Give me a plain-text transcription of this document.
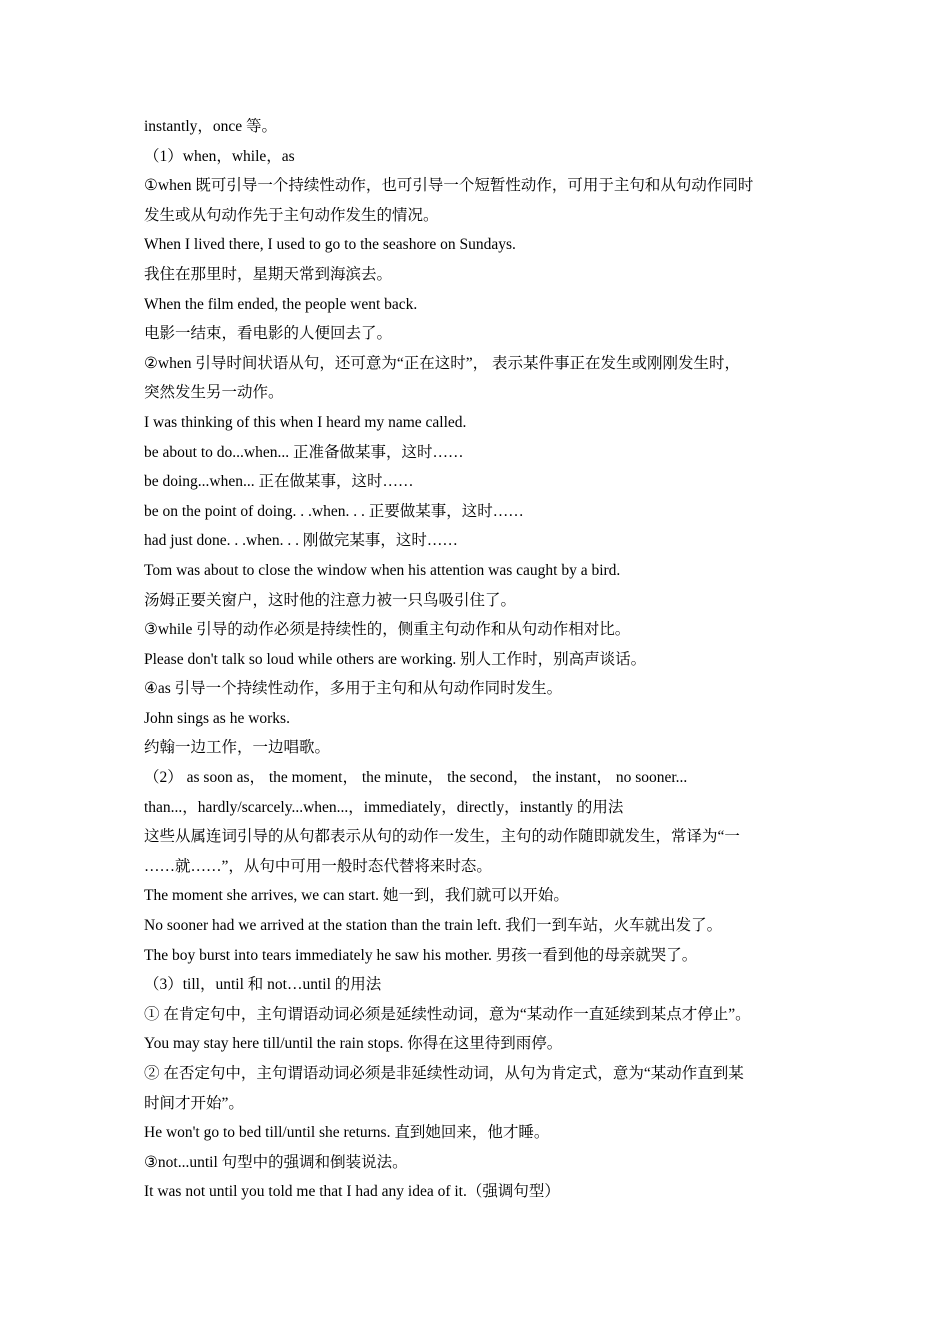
instantly，once 等。
（1）when，while，as
①when 既可引导一个持续性动作，也可引导一个短暂性动作，可用于主句和从句动作同时
发生或从句动作先于主句动作发生的情况。
When I lived there, I used to go to the seashore on Sundays.
我住在那里时，星期天常到海滨去。
When the film ended, the people went back.
电影一结束，看电影的人便回去了。
②when 引导时间状语从句，还可意为“正在这时”， 表示某件事正在发生或刚刚发生时，
突然发生另一动作。
I was thinking of this when I heard my name called.
be about to do...when... 正准备做某事，这时……
be doing...when... 正在做某事，这时……
be on the point of doing. . .when. . . 正要做某事，这时……
had just done. . .when. . . 刚做完某事，这时……
Tom was about to close the window when his attention was caught by a bird.
汤姆正要关窗户，这时他的注意力被一只鸟吸引住了。
③while 引导的动作必须是持续性的，侧重主句动作和从句动作相对比。
Please don't talk so loud while others are working. 别人工作时，别高声谈话。
④as 引导一个持续性动作，多用于主句和从句动作同时发生。
John sings as he works.
约翰一边工作，一边唱歌。
（2） as soon as， the moment， the minute， the second， the instant， no sooner...
than...，hardly/scarcely...when...，immediately，directly，instantly 的用法
这些从属连词引导的从句都表示从句的动作一发生，主句的动作随即就发生，常译为“一
……就……”，从句中可用一般时态代替将来时态。
The moment she arrives, we can start. 她一到，我们就可以开始。
No sooner had we arrived at the station than the train left. 我们一到车站，火车就出发了。
The boy burst into tears immediately he saw his mother. 男孩一看到他的母亲就哭了。
（3）till，until 和 not…until 的用法
① 在肯定句中，主句谓语动词必须是延续性动词，意为“某动作一直延续到某点才停止”。
You may stay here till/until the rain stops. 你得在这里待到雨停。
② 在否定句中，主句谓语动词必须是非延续性动词，从句为肯定式，意为“某动作直到某
时间才开始”。
He won't go to bed till/until she returns. 直到她回来，他才睡。
③not...until 句型中的强调和倒装说法。
It was not until you told me that I had any idea of it.（强调句型）
